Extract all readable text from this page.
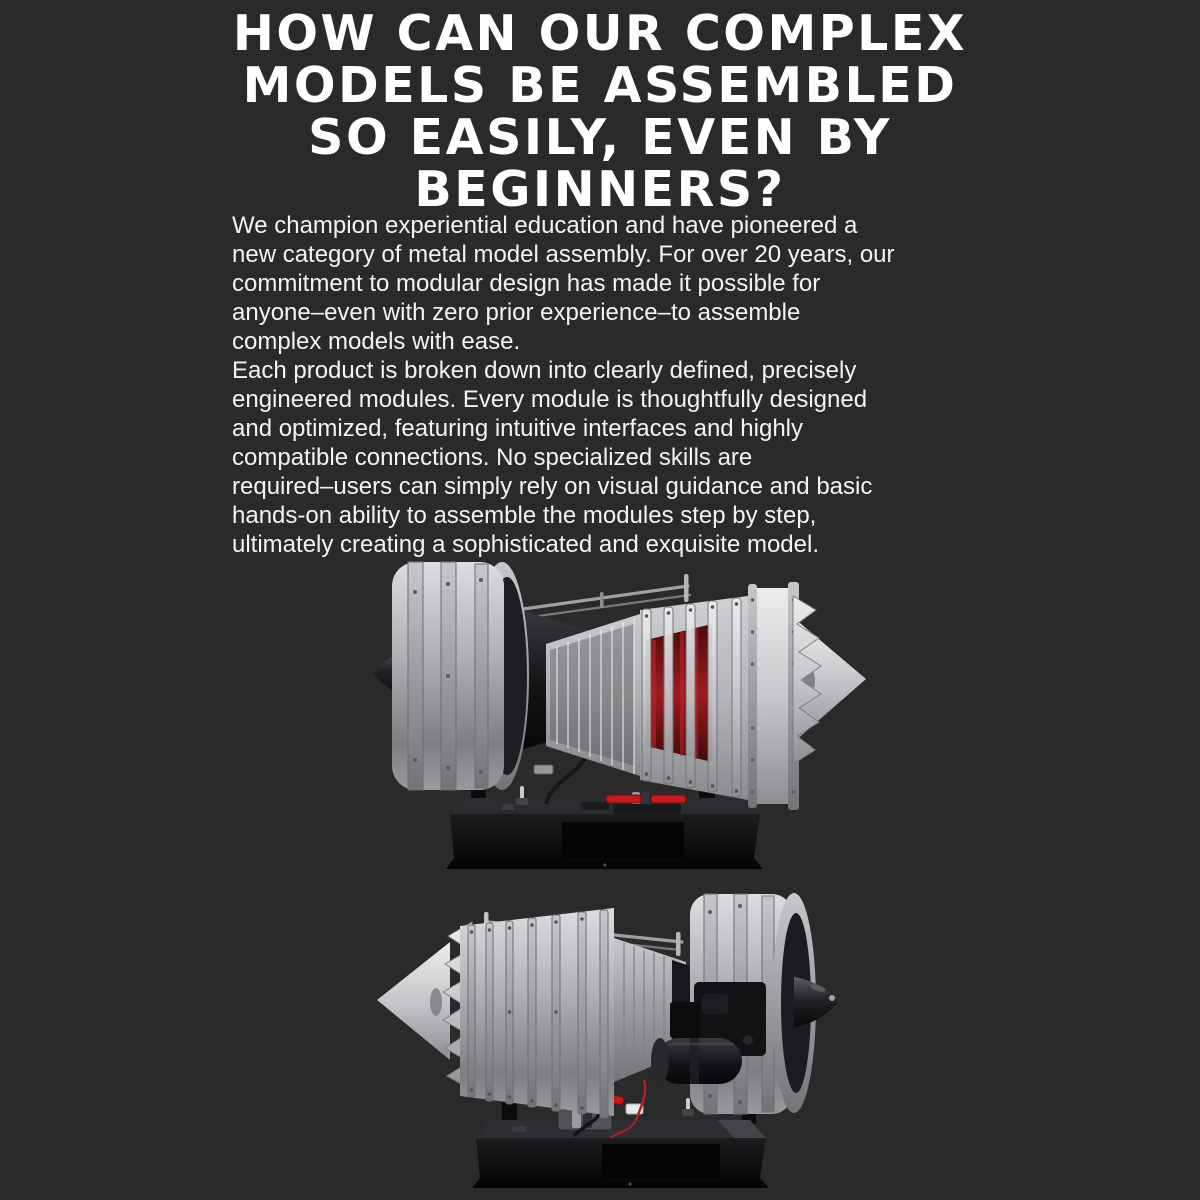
HOW CAN OUR COMPLEX
MODELS BE ASSEMBLED
SO EASILY, EVEN BY
BEGINNERS?
We champion experiential education and have pioneered a
new category of metal model assembly. For over 20 years, our
commitment to modular design has made it possible for
anyone–even with zero prior experience–to assemble
complex models with ease.
Each product is broken down into clearly defined, precisely
engineered modules. Every module is thoughtfully designed
and optimized, featuring intuitive interfaces and highly
compatible connections. No specialized skills are
required–users can simply rely on visual guidance and basic
hands-on ability to assemble the modules step by step,
ultimately creating a sophisticated and exquisite model.
